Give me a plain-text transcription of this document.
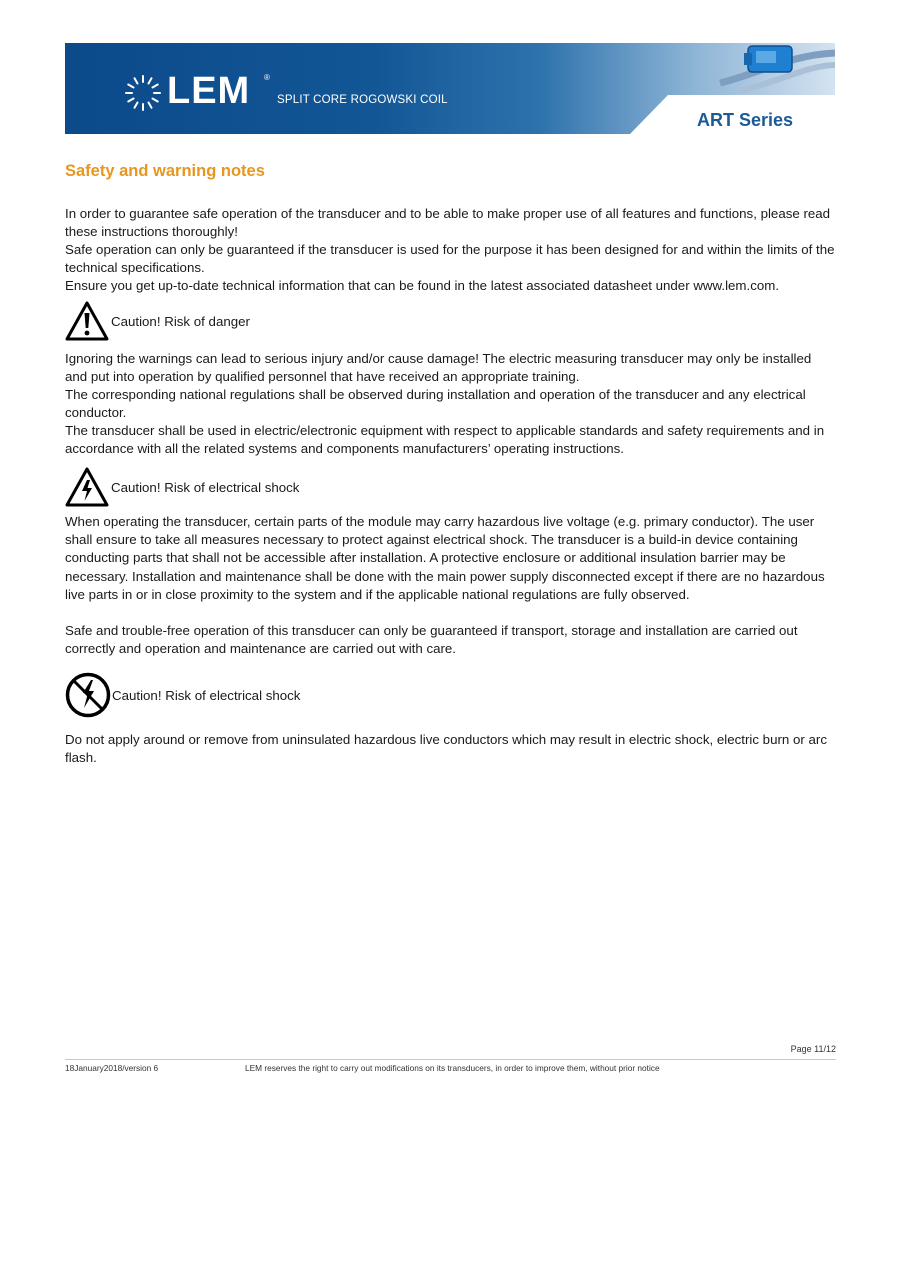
LEM ®
SPLIT CORE ROGOWSKI COIL
ART Series
Safety and warning notes

In order to guarantee safe operation of the transducer and to be able to make proper use of all features and functions, please read these instructions thoroughly!

Safe operation can only be guaranteed if the transducer is used for the purpose it has been designed for and within the limits of the technical specifications.

Ensure you get up-to-date technical information that can be found in the latest associated datasheet under www.lem.com.

Caution! Risk of danger

Ignoring the warnings can lead to serious injury and/or cause damage! The electric measuring transducer may only be installed and put into operation by qualified personnel that have received an appropriate training.

The corresponding national regulations shall be observed during installation and operation of the transducer and any electrical conductor.

The transducer shall be used in electric/electronic equipment with respect to applicable standards and safety requirements and in accordance with all the related systems and components manufacturers’ operating instructions.

Caution! Risk of electrical shock

When operating the transducer, certain parts of the module may carry hazardous live voltage (e.g. primary conductor). The user shall ensure to take all measures necessary to protect against electrical shock. The transducer is a build-in device containing conducting parts that shall not be accessible after installation. A protective enclosure or additional insulation barrier may be necessary. Installation and maintenance shall be done with the main power supply disconnected except if there are no hazardous live parts in or in close proximity to the system and if the applicable national regulations are fully observed.

Safe and trouble-free operation of this transducer can only be guaranteed if transport, storage and installation are carried out correctly and operation and maintenance are carried out with care.

Caution! Risk of electrical shock

Do not apply around or remove from uninsulated hazardous live conductors which may result in electric shock, electric burn or arc flash.

Page 11/12
18January2018/version 6	LEM reserves the right to carry out modifications on its transducers, in order to improve them, without prior notice
